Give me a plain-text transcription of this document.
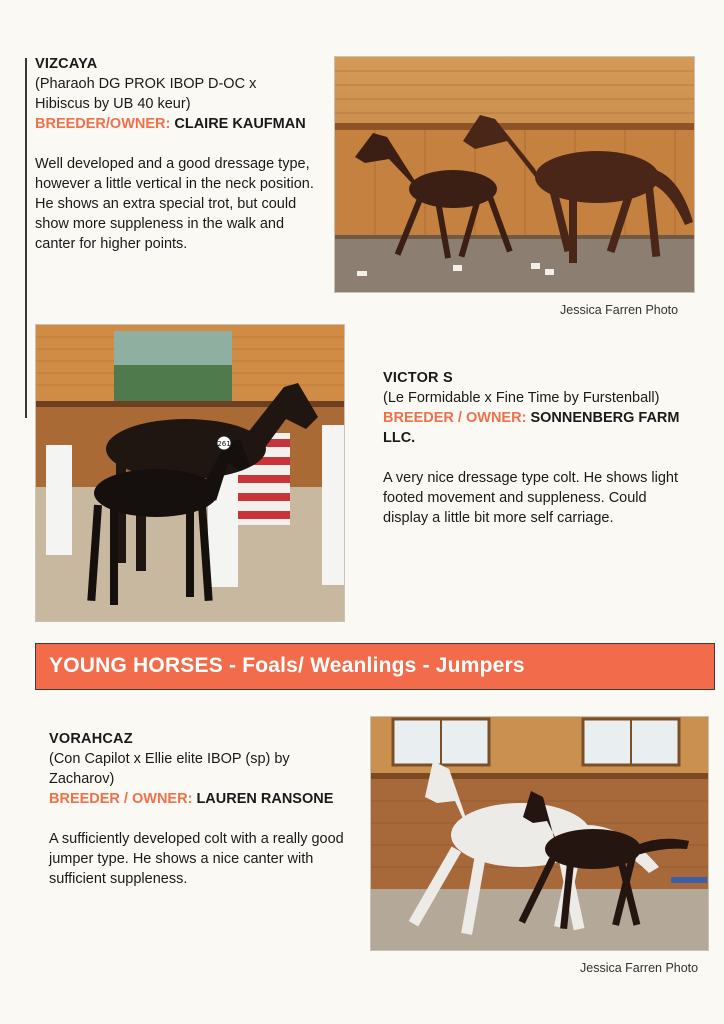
VIZCAYA
(Pharaoh DG PROK IBOP D-OC x Hibiscus by UB 40 keur)
BREEDER/OWNER: CLAIRE KAUFMAN
Well developed and a good dressage type, however a little vertical in the neck position. He shows an extra special trot, but could show more suppleness in the walk and canter for higher points.
Jessica Farren Photo
261
VICTOR S
(Le Formidable x Fine Time by Furstenball)
BREEDER / OWNER: SONNENBERG FARM LLC.
A very nice dressage type colt. He shows light footed movement and suppleness. Could display a little bit more self carriage.
YOUNG HORSES - Foals/ Weanlings - Jumpers
VORAHCAZ
(Con Capilot x Ellie elite IBOP (sp) by Zacharov)
BREEDER / OWNER: LAUREN RANSONE
A sufficiently developed colt with a really good jumper type. He shows a nice canter with sufficient suppleness.
Jessica Farren Photo
